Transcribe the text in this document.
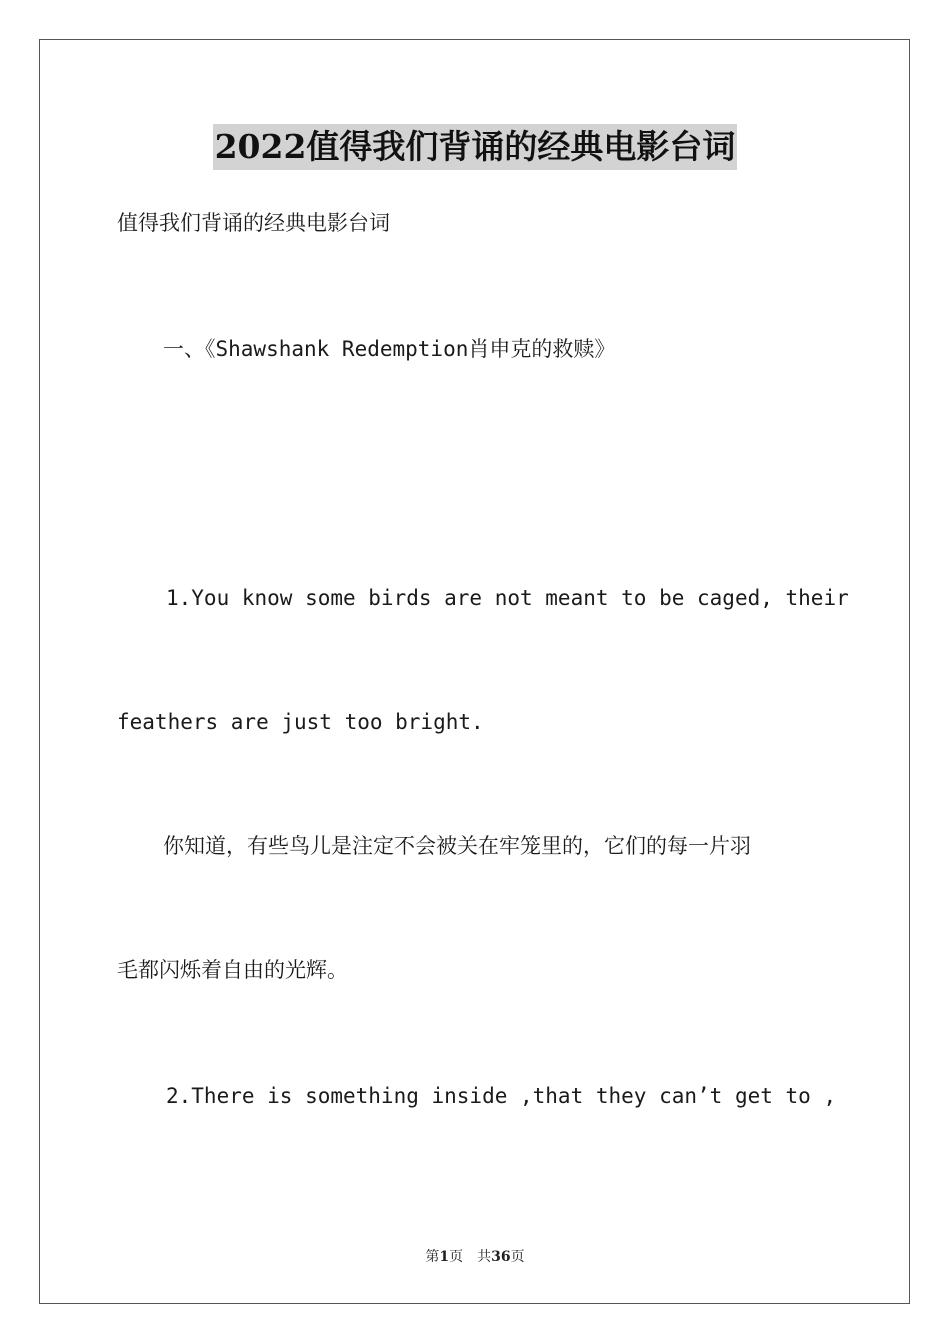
2022值得我们背诵的经典电影台词
值得我们背诵的经典电影台词
一、《Shawshank Redemption肖申克的救赎》
1.You know some birds are not meant to be caged, their
feathers are just too bright.
你知道，有些鸟儿是注定不会被关在牢笼里的，它们的每一片羽
毛都闪烁着自由的光辉。
2.There is something inside ,that they can’t get to ,
第1页 共36页
